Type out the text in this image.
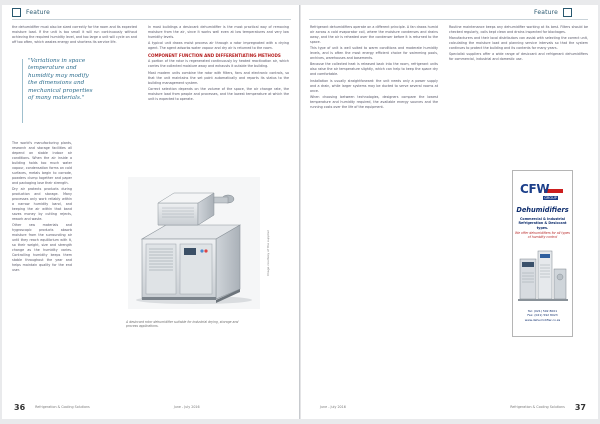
Feature	Feature

the dehumidifier must also be sized correctly for the room and its expected moisture load. If the unit is too small it will run continuously without achieving the required humidity level, and too large a unit will cycle on and off too often, which wastes energy and shortens its service life.

"Variations in space temperature and humidity may modify the dimensions and mechanical properties of many materials."

The world's manufacturing plants, research and storage facilities all depend on stable indoor air conditions. When the air inside a building holds too much water vapour, condensation forms on cold surfaces, metals begin to corrode, powders clump together and paper and packaging lose their strength.

Dry air protects products during production and storage. Many processes only work reliably within a narrow humidity band, and keeping the air within that band saves money by cutting rejects, rework and waste.

Other raw materials and hygroscopic products absorb moisture from the surrounding air until they reach equilibrium with it, so their weight, size and strength change as the humidity varies. Controlling humidity keeps them stable throughout the year and helps maintain quality for the end user.

In most buildings a desiccant dehumidifier is the most practical way of removing moisture from the air, since it works well even at low temperatures and very low humidity levels.

A typical unit draws moist process air through a rotor impregnated with a drying agent. The agent adsorbs water vapour and dry air is returned to the room.

COMPONENT FUNCTION AND DIFFERENTIATING METHODS

A portion of the rotor is regenerated continuously by heated reactivation air, which carries the collected moisture away and exhausts it outside the building.

Most modern units combine the rotor with filters, fans and electronic controls, so that the unit maintains the set point automatically and reports its status to the building management system.

Correct selection depends on the volume of the space, the air change rate, the moisture load from people and processes, and the lowest temperature at which the unit is expected to operate.

A desiccant rotor dehumidifier suitable for industrial drying, storage and process applications.
Image courtesy of the supplier
36	Refrigeration & Cooling Solutions	June - July 2016

Refrigerant dehumidifiers operate on a different principle. A fan draws humid air across a cold evaporator coil, where the moisture condenses and drains away, and the air is reheated over the condenser before it is returned to the space.

This type of unit is well suited to warm conditions and moderate humidity levels, and is often the most energy efficient choice for swimming pools, archives, warehouses and basements.

Because the collected heat is released back into the room, refrigerant units also raise the air temperature slightly, which can help to keep the space dry and comfortable.

Installation is usually straightforward: the unit needs only a power supply and a drain, while larger systems may be ducted to serve several rooms at once.

When choosing between technologies, designers compare the lowest temperature and humidity required, the available energy sources and the running costs over the life of the equipment.

Routine maintenance keeps any dehumidifier working at its best. Filters should be checked regularly, coils kept clean and drains inspected for blockages.

Manufacturers and their local distributors can assist with selecting the correct unit, calculating the moisture load and planning service intervals so that the system continues to protect the building and its contents for many years.

Specialist suppliers offer a wide range of desiccant and refrigerant dehumidifiers for commercial, industrial and domestic use.

CFW
GROUP
Dehumidifiers
Commercial & Industrial Refrigeration & Desiccant types.
We offer dehumidifiers for all types of humidity control
Tel: (021) 592 8001
Fax: (021) 592 8023
www.dehumidifier.co.za
June - July 2016	Refrigeration & Cooling Solutions 37
